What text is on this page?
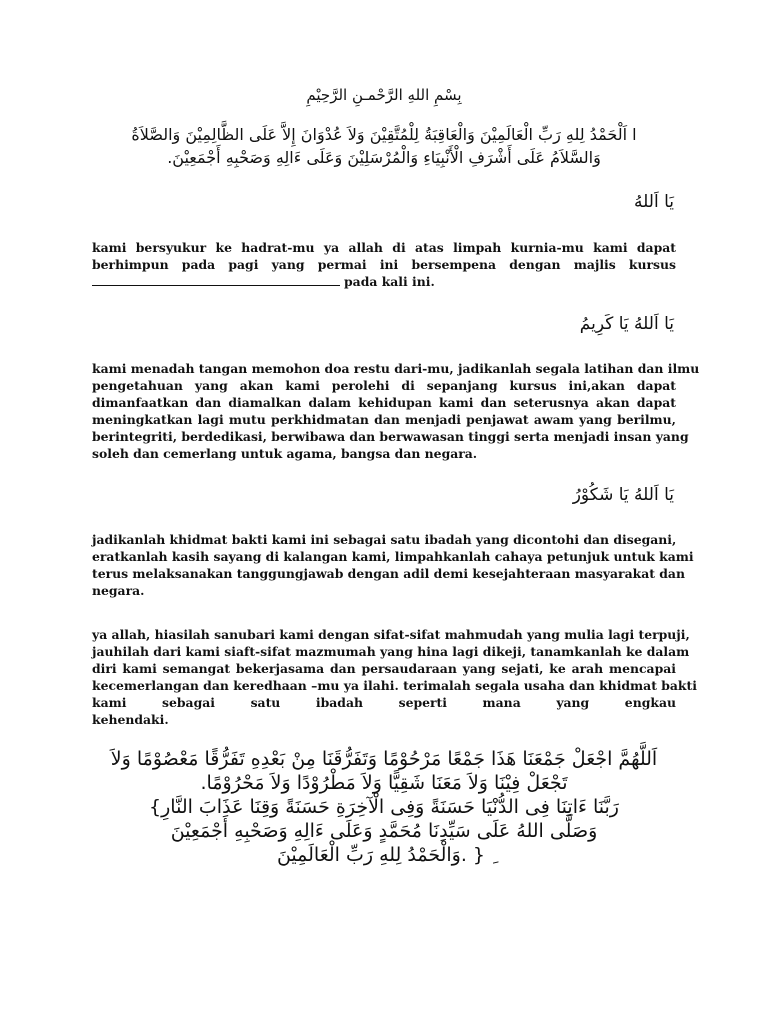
بِسْمِ اللهِ الرَّحْمـنِ الرَّحِيْمِ
ا اَلْحَمْدُ لِلهِ رَبِّ الْعَالَمِيْنَ وَالْعَاقِبَةُ لِلْمُتَّقِيْنَ وَلاَ عُدْوَانَ إِلاَّ عَلَى الظَّالِمِيْنَ وَالصَّلاَةُ
وَالسَّلاَمُ عَلَى أَشْرَفِ الْأَنْبِيَاءِ وَالْمُرْسَلِيْنَ وَعَلَى ءَالِهِ وَصَحْبِهِ أَجْمَعِيْنَ.
يَا اَللهُ
kami bersyukur ke hadrat-mu ya allah di atas limpah kurnia-mu kami dapat
berhimpun pada pagi yang permai ini bersempena dengan majlis kursus
pada kali ini.
يَا اَللهُ يَا كَرِيمُ
kami menadah tangan memohon doa restu dari-mu, jadikanlah segala latihan dan ilmu
pengetahuan yang akan kami perolehi di sepanjang kursus ini,akan dapat
dimanfaatkan dan diamalkan dalam kehidupan kami dan seterusnya akan dapat
meningkatkan lagi mutu perkhidmatan dan menjadi penjawat awam yang berilmu,
berintegriti, berdedikasi, berwibawa dan berwawasan tinggi serta menjadi insan yang
soleh dan cemerlang untuk agama, bangsa dan negara.
يَا اَللهُ يَا شَكُوْرُ
jadikanlah khidmat bakti kami ini sebagai satu ibadah yang dicontohi dan disegani,
eratkanlah kasih sayang di kalangan kami, limpahkanlah cahaya petunjuk untuk kami
terus melaksanakan tanggungjawab dengan adil demi kesejahteraan masyarakat dan
negara.
ya allah, hiasilah sanubari kami dengan sifat-sifat mahmudah yang mulia lagi terpuji,
jauhilah dari kami siaft-sifat mazmumah yang hina lagi dikeji, tanamkanlah ke dalam
diri kami semangat bekerjasama dan persaudaraan yang sejati, ke arah mencapai
kecemerlangan dan keredhaan –mu ya ilahi. terimalah segala usaha dan khidmat bakti
kami sebagai satu ibadah seperti mana yang engkau
kehendaki.
اَللَّهُمَّ اجْعَلْ جَمْعَنَا هَذَا جَمْعًا مَرْحُوْمًا وَتَفَرُّقَنَا مِنْ بَعْدِهِ تَفَرُّقًا مَعْصُوْمًا وَلاَ
تَجْعَلْ فِيْنَا وَلاَ مَعَنَا شَقِيًّا وَلاَ مَطْرُوْدًا وَلاَ مَحْرُوْمًا.
رَبَّنَا ءَاتِنَا فِى الدُّنْيَا حَسَنَةً وَفِى الْآخِرَةِ حَسَنَةً وَقِنَا عَذَابَ النَّارِ}
وَصَلَّى اللهُ عَلَى سَيِّدِنَا مُحَمَّدٍ وَعَلَى ءَالِهِ وَصَحْبِهِ أَجْمَعِيْنَ
ِ { .وَالْحَمْدُ لِلهِ رَبِّ الْعَالَمِيْنَ
